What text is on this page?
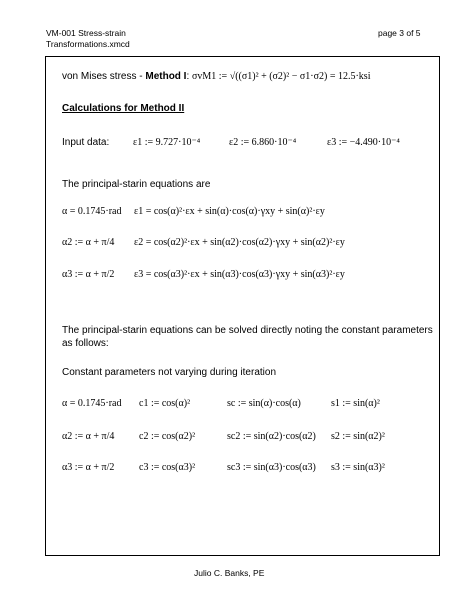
VM-001 Stress-strain
Transformations.xmcd
page 3 of 5
von Mises stress - Method I: σvM1 := √((σ1)² + (σ2)² − σ1·σ2) = 12.5·ksi
Calculations for Method II
Input data: ε1 := 9.727·10⁻⁴	ε2 := 6.860·10⁻⁴	ε3 := −4.490·10⁻⁴
The principal-starin equations are
α = 0.1745·rad ε1 = cos(α)²·εx + sin(α)·cos(α)·γxy + sin(α)²·εy
α2 := α + π/4 ε2 = cos(α2)²·εx + sin(α2)·cos(α2)·γxy + sin(α2)²·εy
α3 := α + π/2 ε3 = cos(α3)²·εx + sin(α3)·cos(α3)·γxy + sin(α3)²·εy
The principal-starin equations can be solved directly noting the constant parameters
as follows:
Constant parameters not varying during iteration
α = 0.1745·rad c1 := cos(α)²	sc := sin(α)·cos(α)	s1 := sin(α)²
α2 := α + π/4 c2 := cos(α2)²	sc2 := sin(α2)·cos(α2) s2 := sin(α2)²
α3 := α + π/2 c3 := cos(α3)²	sc3 := sin(α3)·cos(α3) s3 := sin(α3)²
Julio C. Banks, PE
